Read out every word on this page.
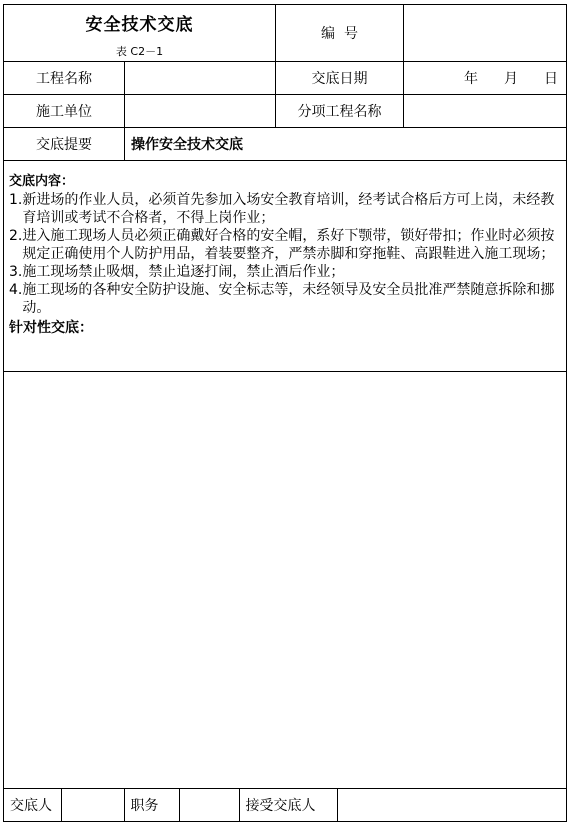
安全技术交底
表 C2－1
	编  号	
工程名称		交底日期	年 月 日
施工单位		分项工程名称	
交底提要	操作安全技术交底

交底内容：
1. 新进场的作业人员，必须首先参加入场安全教育培训，经考试合格后方可上岗，未经教育培训或考试不合格者，不得上岗作业；
2. 进入施工现场人员必须正确戴好合格的安全帽，系好下颚带，锁好带扣；作业时必须按规定正确使用个人防护用品，着装要整齐，严禁赤脚和穿拖鞋、高跟鞋进入施工现场；
3. 施工现场禁止吸烟，禁止追逐打闹，禁止酒后作业；
4. 施工现场的各种安全防护设施、安全标志等，未经领导及安全员批准严禁随意拆除和挪动。
针对性交底：

交底人		职务		接受交底人	
